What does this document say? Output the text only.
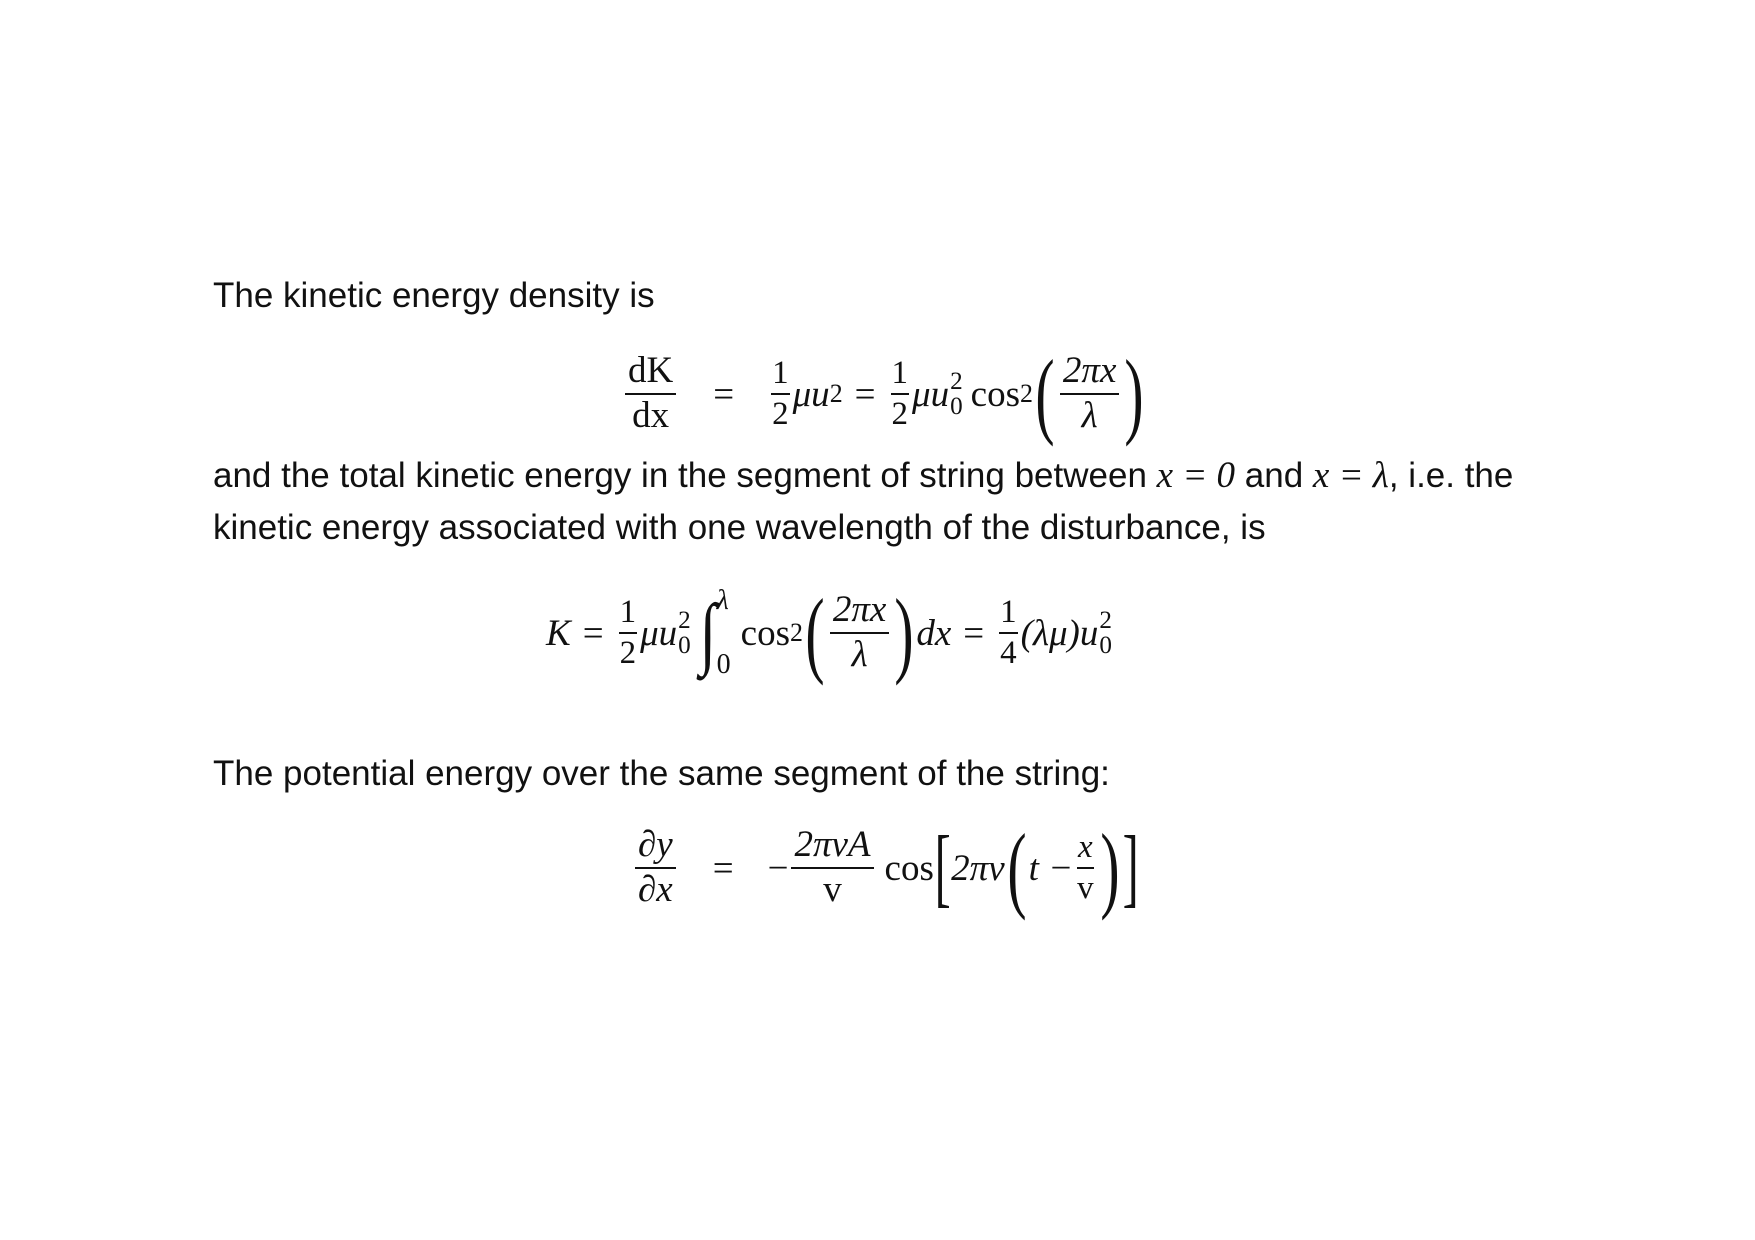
The kinetic energy density is
$\frac{dK}{dx} = \frac{1}{2}$ μu $2 = \frac{1}{2}$ μu 2
0 cos 2 ( $\frac{2\pi x}{\lambda}$ )
and the total kinetic energy in the segment of string between x = 0 and x = λ, i.e. the
kinetic energy associated with one wavelength of the disturbance, is
$K = \frac{1}{2}$ μu 2
0 ∫ λ
0
cos 2 ( $\frac{2\pi x}{\lambda}$ ) dx = $\frac{1}{4} (\lambda\mu)u$ 2
0
The potential energy over the same segment of the string:
$\frac{\partial y}{\partial x}$ = − $\frac{\text{2πνA}}{v}$ cos [ 2πν ( $t - \frac{x}{v}$ ) ]
